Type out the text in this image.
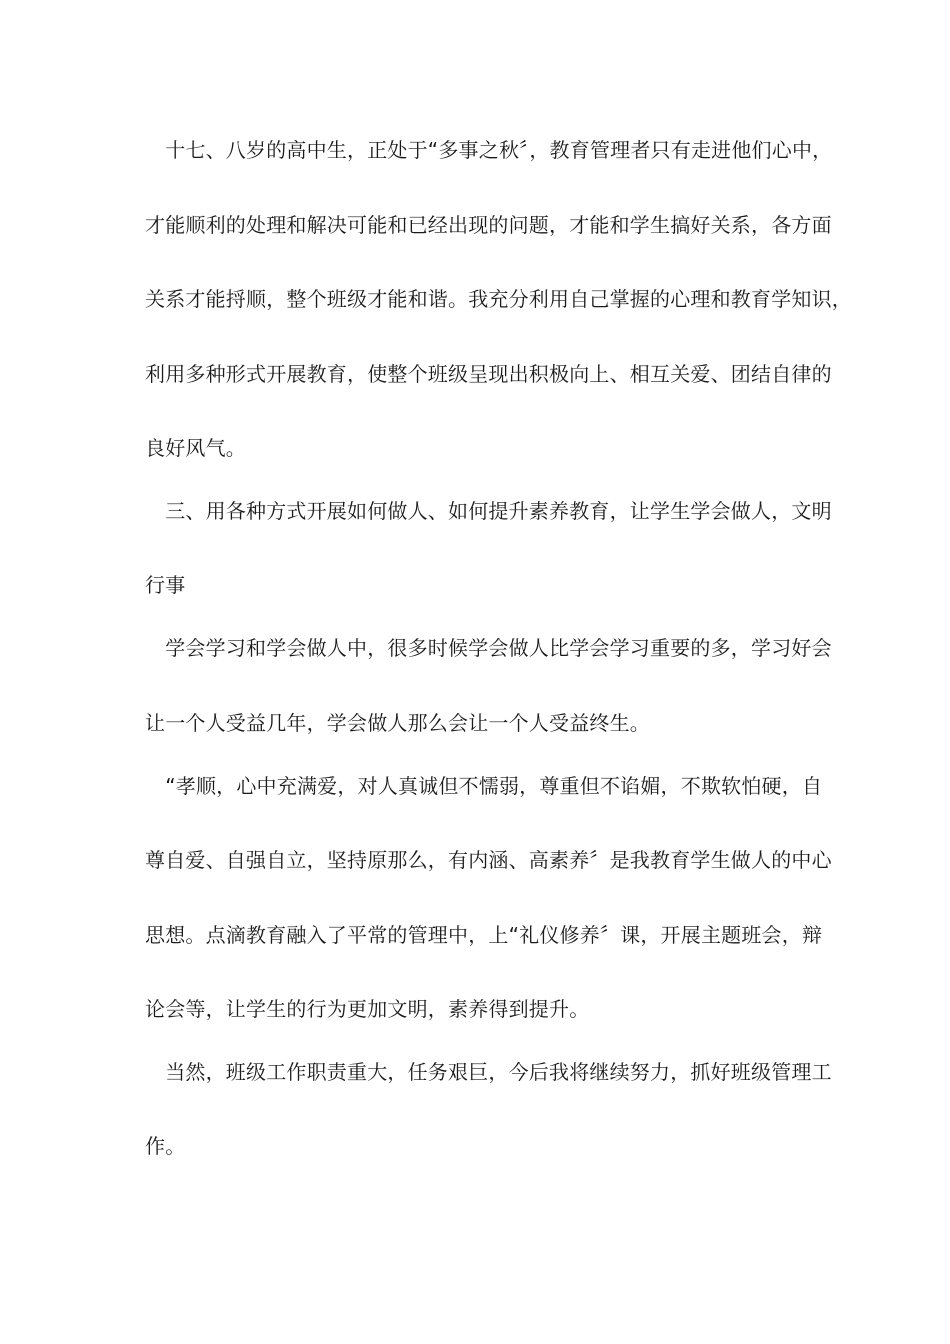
　十七、八岁的高中生，正处于“多事之秋〞，教育管理者只有走进他们心中，
才能顺利的处理和解决可能和已经出现的问题，才能和学生搞好关系，各方面
关系才能捋顺，整个班级才能和谐。我充分利用自己掌握的心理和教育学知识，
利用多种形式开展教育，使整个班级呈现出积极向上、相互关爱、团结自律的
良好风气。
　三、用各种方式开展如何做人、如何提升素养教育，让学生学会做人，文明
行事
　学会学习和学会做人中，很多时候学会做人比学会学习重要的多，学习好会
让一个人受益几年，学会做人那么会让一个人受益终生。
　“孝顺，心中充满爱，对人真诚但不懦弱，尊重但不谄媚，不欺软怕硬，自
尊自爱、自强自立，坚持原那么，有内涵、高素养〞是我教育学生做人的中心
思想。点滴教育融入了平常的管理中，上“礼仪修养〞课，开展主题班会，辩
论会等，让学生的行为更加文明，素养得到提升。
　当然，班级工作职责重大，任务艰巨，今后我将继续努力，抓好班级管理工
作。
